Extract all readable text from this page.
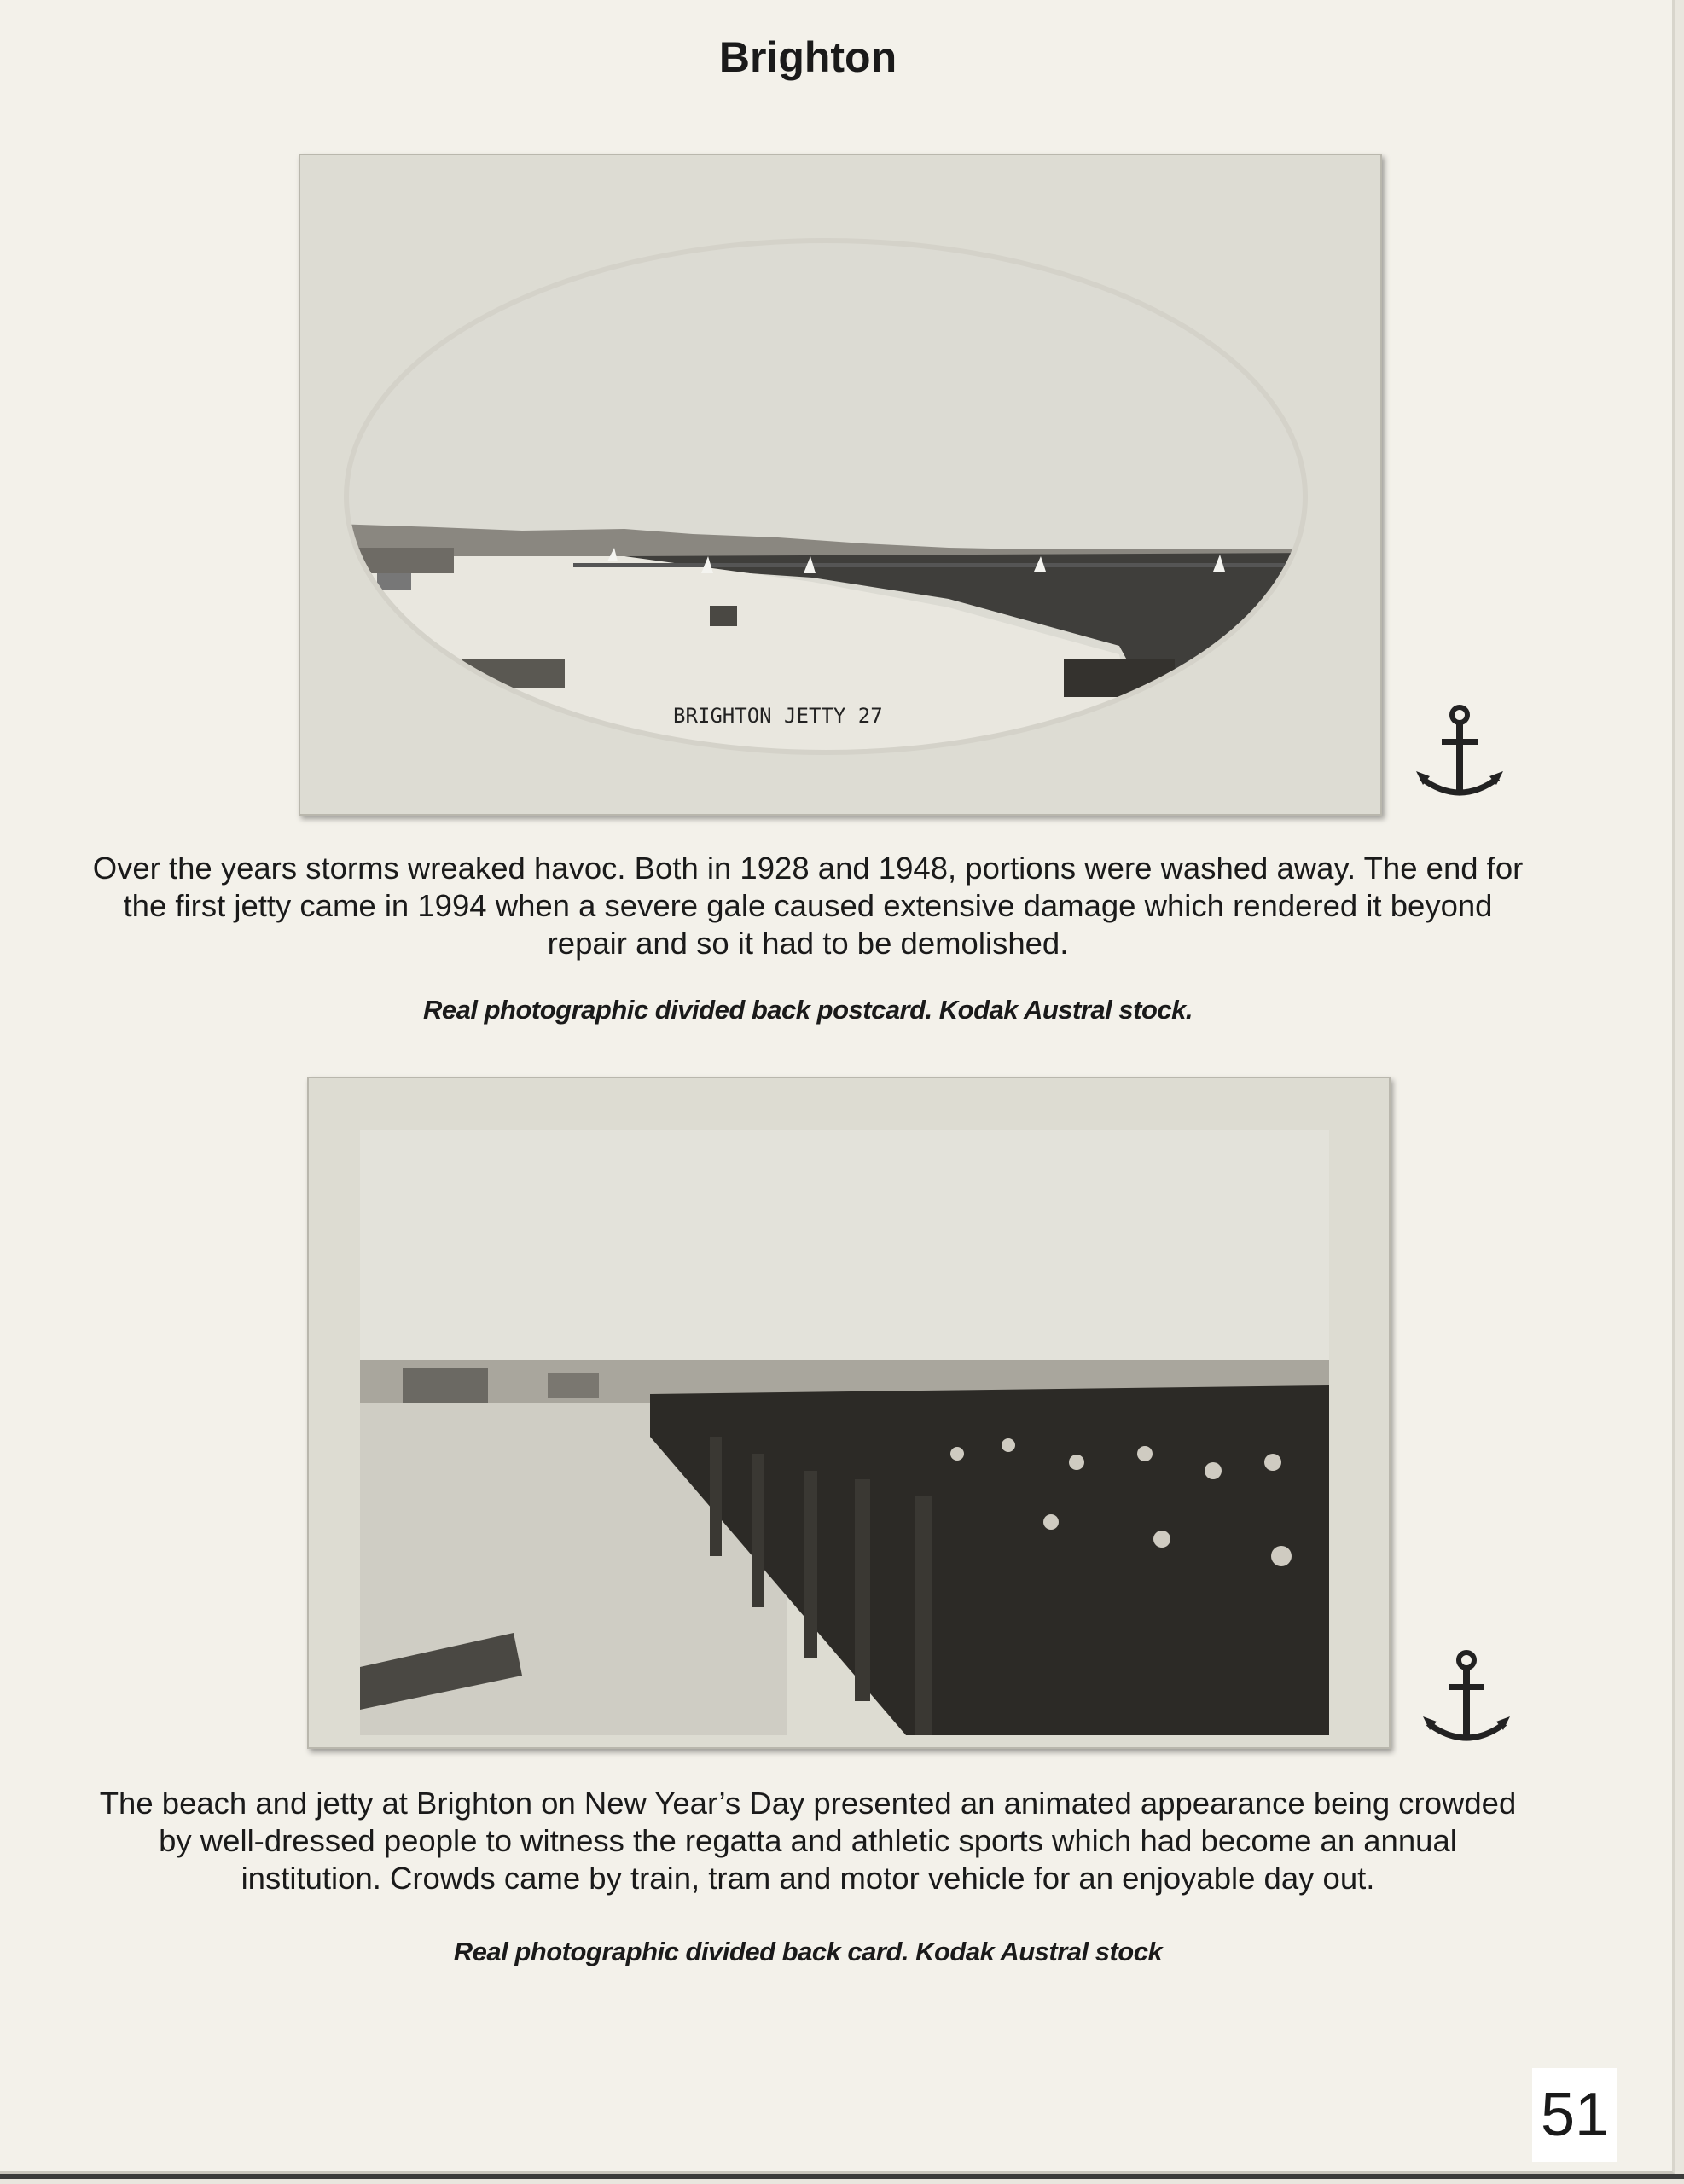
Brighton
BRIGHTON JETTY 27
Over the years storms wreaked havoc. Both in 1928 and 1948, portions were washed away. The end for the first jetty came in 1994 when a severe gale caused extensive damage which rendered it beyond repair and so it had to be demolished.
Real photographic divided back postcard. Kodak Austral stock.
The beach and jetty at Brighton on New Year’s Day presented an animated appearance being crowded by well-dressed people to witness the regatta and athletic sports which had become an annual institution. Crowds came by train, tram and motor vehicle for an enjoyable day out.
Real photographic divided back card. Kodak Austral stock
51
